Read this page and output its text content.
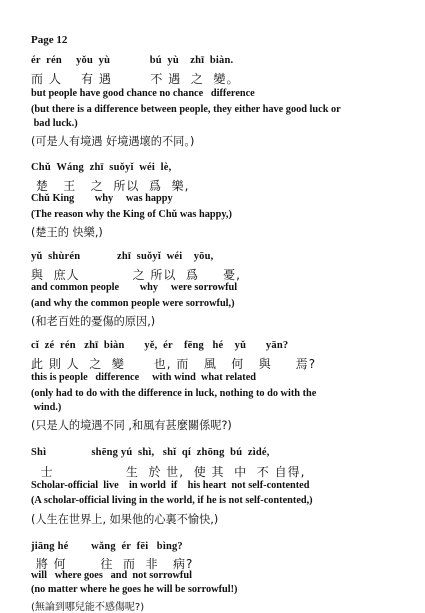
Page 12
ér  rén     yǒu  yù              bú  yù    zhī  biàn.
而 人    有 遇        不 遇  之  變。
but people have good chance no chance   difference
(but there is a difference between people, they either have good luck or
bad luck.)
(可是人有境遇 好境遇壞的不同。)
Chǔ  Wáng  zhī  suǒyǐ  wéi  lè,
楚   王   之  所以  爲  樂,
Chǔ King        why     was happy
(The reason why the King of Chǔ was happy,)
(楚王的 快樂,)
yǔ  shùrén             zhī  suǒyǐ  wéi    yōu,
與  庶人           之 所以  爲     憂,
and common people        why     were sorrowful
(and why the common people were sorrowful,)
(和老百姓的憂傷的原因,)
cǐ  zé  rén   zhī  biàn       yě,  ér    fēng   hé    yǔ       yān?
此 則 人  之  變      也, 而   風   何   與     焉?
this is people   difference     with wind  what related
(only had to do with the difference in luck, nothing to do with the
wind.)
(只是人的境遇不同 ,和風有甚麼關係呢?)
Shì                shēng yú  shì,   shǐ  qí  zhōng  bú  zìdé,
士               生  於 世,  使 其  中  不 自得,
Scholar-official  live    in world  if    his heart  not self-contented
(A scholar-official living in the world, if he is not self-contented,)
(人生在世界上, 如果他的心裏不愉快,)
jiāng hé        wǎng  ér  fēi   bìng?
將 何       往  而  非   病?
will   where goes   and  not sorrowful
(no matter where he goes he will be sorrowful!)
(無論到哪兒能不感傷呢?)
